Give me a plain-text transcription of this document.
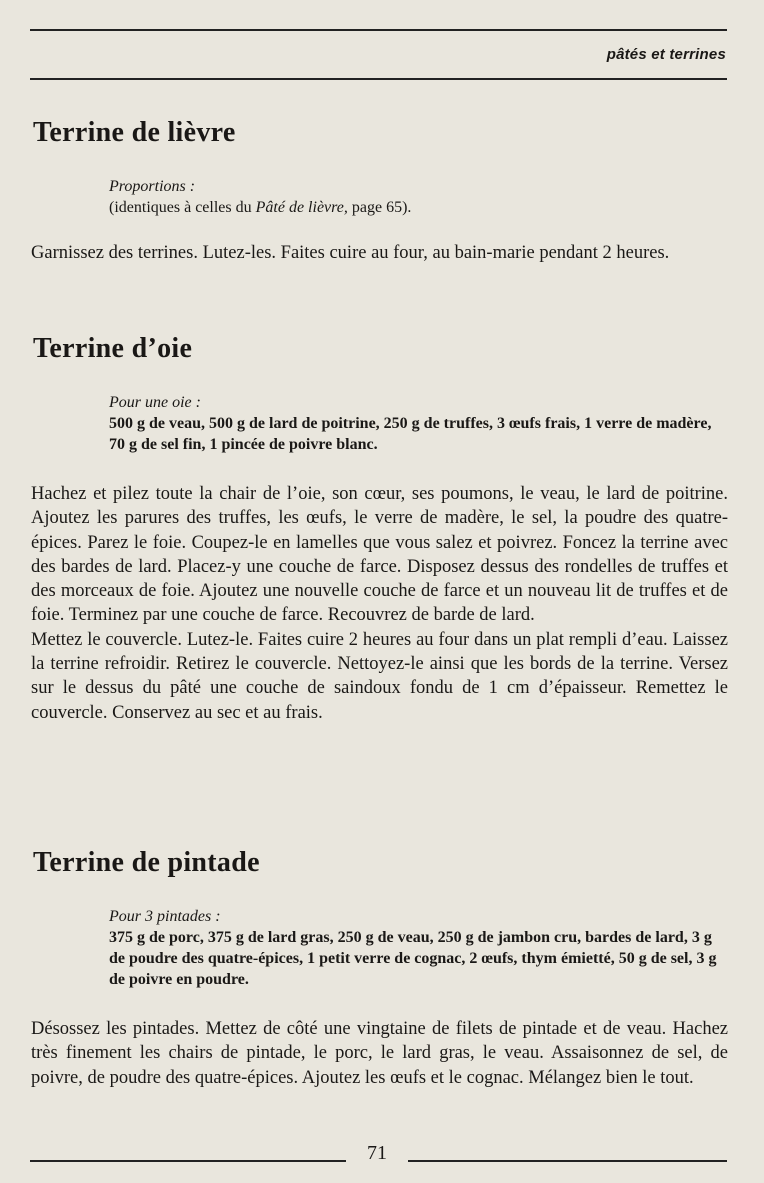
pâtés et terrines
Terrine de lièvre
Proportions :
(identiques à celles du Pâté de lièvre, page 65).

Garnissez des terrines. Lutez-les. Faites cuire au four, au bain-marie pendant 2 heures.

Terrine d’oie
Pour une oie :
500 g de veau, 500 g de lard de poitrine, 250 g de truffes, 3 œufs frais, 1 verre de madère, 70 g de sel fin, 1 pincée de poivre blanc.

Hachez et pilez toute la chair de l’oie, son cœur, ses poumons, le veau, le lard de poitrine. Ajoutez les parures des truffes, les œufs, le verre de madère, le sel, la poudre des quatre-épices. Parez le foie. Coupez-le en lamelles que vous salez et poivrez. Foncez la terrine avec des bardes de lard. Placez-y une couche de farce. Disposez dessus des rondelles de truffes et des morceaux de foie. Ajoutez une nouvelle couche de farce et un nouveau lit de truffes et de foie. Terminez par une couche de farce. Recouvrez de barde de lard.

Mettez le couvercle. Lutez-le. Faites cuire 2 heures au four dans un plat rempli d’eau. Laissez la terrine refroidir. Retirez le couvercle. Nettoyez-le ainsi que les bords de la terrine. Versez sur le dessus du pâté une couche de saindoux fondu de 1 cm d’épaisseur. Remettez le couvercle. Conservez au sec et au frais.

Terrine de pintade
Pour 3 pintades :
375 g de porc, 375 g de lard gras, 250 g de veau, 250 g de jambon cru, bardes de lard, 3 g de poudre des quatre-épices, 1 petit verre de cognac, 2 œufs, thym émietté, 50 g de sel, 3 g de poivre en poudre.

Désossez les pintades. Mettez de côté une vingtaine de filets de pintade et de veau. Hachez très finement les chairs de pintade, le porc, le lard gras, le veau. Assaisonnez de sel, de poivre, de poudre des quatre-épices. Ajoutez les œufs et le cognac. Mélangez bien le tout.

71
